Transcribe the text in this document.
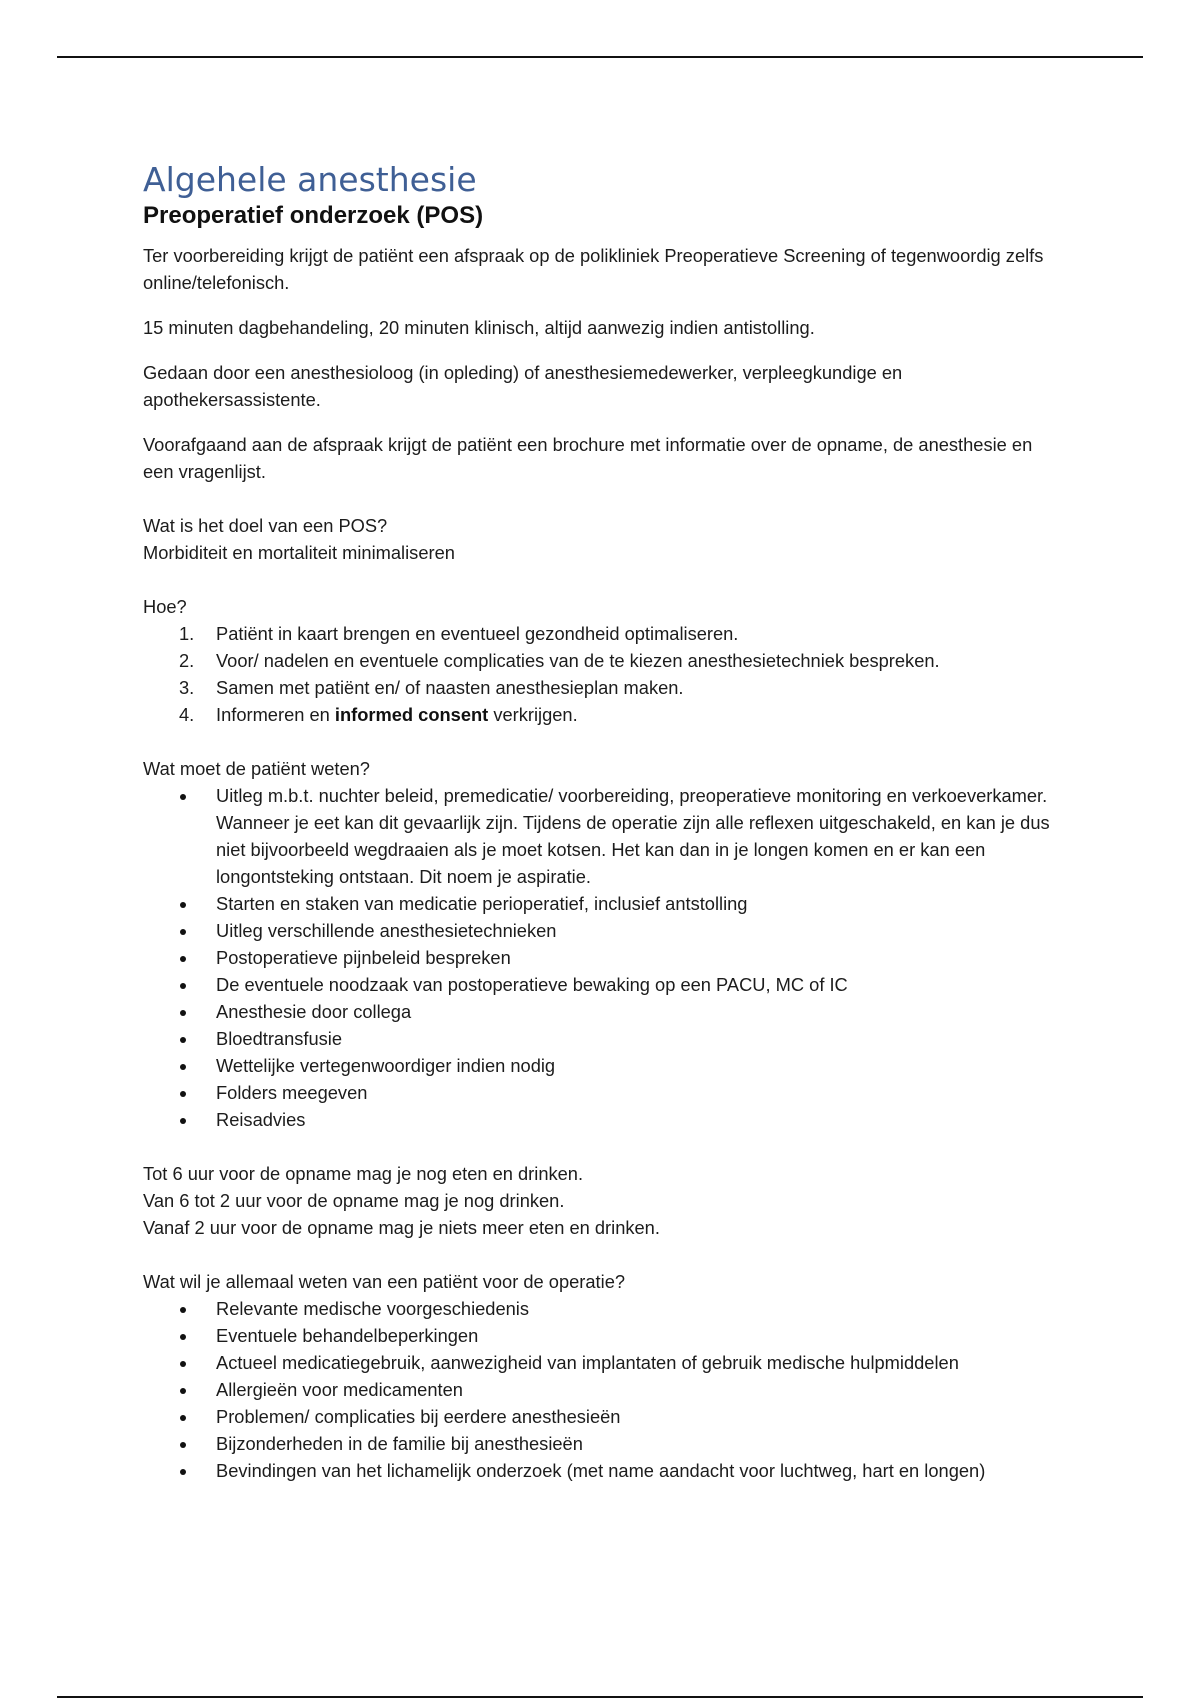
Algehele anesthesie
Preoperatief onderzoek (POS)

Ter voorbereiding krijgt de patiënt een afspraak op de polikliniek Preoperatieve Screening of tegenwoordig zelfs online/telefonisch.

15 minuten dagbehandeling, 20 minuten klinisch, altijd aanwezig indien antistolling.

Gedaan door een anesthesioloog (in opleding) of anesthesiemedewerker, verpleegkundige en apothekersassistente.

Voorafgaand aan de afspraak krijgt de patiënt een brochure met informatie over de opname, de anesthesie en een vragenlijst.

Wat is het doel van een POS?
Morbiditeit en mortaliteit minimaliseren
Hoe?
1.	Patiënt in kaart brengen en eventueel gezondheid optimaliseren.
2.	Voor/ nadelen en eventuele complicaties van de te kiezen anesthesietechniek bespreken.
3.	Samen met patiënt en/ of naasten anesthesieplan maken.
4.	Informeren en informed consent verkrijgen.
Wat moet de patiënt weten?
Uitleg m.b.t. nuchter beleid, premedicatie/ voorbereiding, preoperatieve monitoring en verkoeverkamer. Wanneer je eet kan dit gevaarlijk zijn. Tijdens de operatie zijn alle reflexen uitgeschakeld, en kan je dus niet bijvoorbeeld wegdraaien als je moet kotsen. Het kan dan in je longen komen en er kan een longontsteking ontstaan. Dit noem je aspiratie.
Starten en staken van medicatie perioperatief, inclusief antstolling
Uitleg verschillende anesthesietechnieken
Postoperatieve pijnbeleid bespreken
De eventuele noodzaak van postoperatieve bewaking op een PACU, MC of IC
Anesthesie door collega
Bloedtransfusie
Wettelijke vertegenwoordiger indien nodig
Folders meegeven
Reisadvies
Tot 6 uur voor de opname mag je nog eten en drinken.
Van 6 tot 2 uur voor de opname mag je nog drinken.
Vanaf 2 uur voor de opname mag je niets meer eten en drinken.
Wat wil je allemaal weten van een patiënt voor de operatie?
Relevante medische voorgeschiedenis
Eventuele behandelbeperkingen
Actueel medicatiegebruik, aanwezigheid van implantaten of gebruik medische hulpmiddelen
Allergieën voor medicamenten
Problemen/ complicaties bij eerdere anesthesieën
Bijzonderheden in de familie bij anesthesieën
Bevindingen van het lichamelijk onderzoek (met name aandacht voor luchtweg, hart en longen)
